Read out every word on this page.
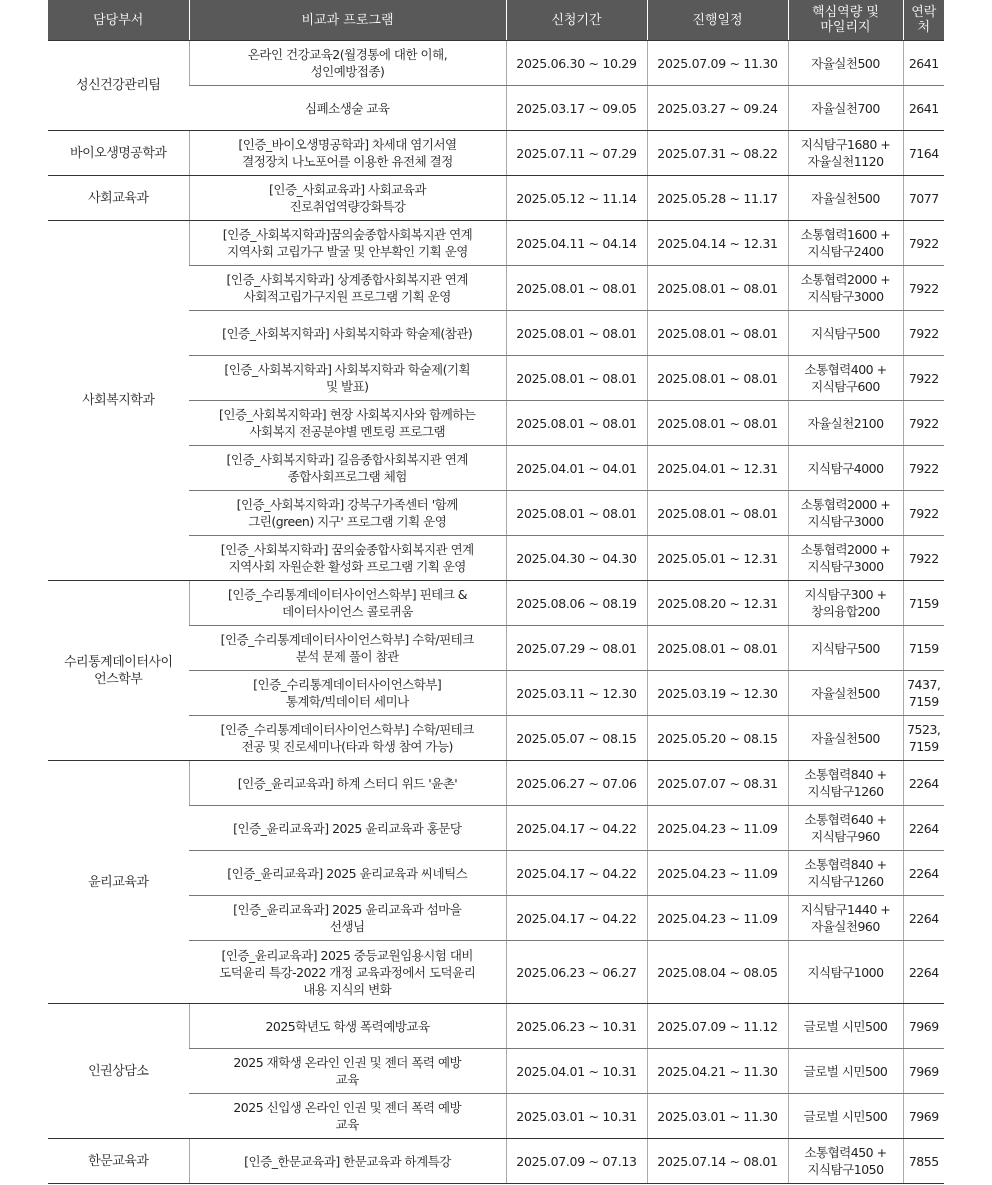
담당부서	비교과 프로그램	신청기간	진행일정	핵심역량 및
마일리지	연락처
성신건강관리팀	온라인 건강교육2(월경통에 대한 이해,
성인예방접종)	2025.06.30 ~ 10.29	2025.07.09 ~ 11.30	자율실천500	2641
	심폐소생술 교육	2025.03.17 ~ 09.05	2025.03.27 ~ 09.24	자율실천700	2641
바이오생명공학과	[인증_바이오생명공학과] 차세대 염기서열
결정장치 나노포어를 이용한 유전체 결정	2025.07.11 ~ 07.29	2025.07.31 ~ 08.22	지식탐구1680 +
자율실천1120	7164
사회교육과	[인증_사회교육과] 사회교육과
진로취업역량강화특강	2025.05.12 ~ 11.14	2025.05.28 ~ 11.17	자율실천500	7077
사회복지학과	[인증_사회복지학과]꿈의숲종합사회복지관 연계
지역사회 고립가구 발굴 및 안부확인 기획 운영	2025.04.11 ~ 04.14	2025.04.14 ~ 12.31	소통협력1600 +
지식탐구2400	7922
	[인증_사회복지학과] 상계종합사회복지관 연계
사회적고립가구지원 프로그램 기획 운영	2025.08.01 ~ 08.01	2025.08.01 ~ 08.01	소통협력2000 +
지식탐구3000	7922
	[인증_사회복지학과] 사회복지학과 학술제(참관)	2025.08.01 ~ 08.01	2025.08.01 ~ 08.01	지식탐구500	7922
	[인증_사회복지학과] 사회복지학과 학술제(기획
및 발표)	2025.08.01 ~ 08.01	2025.08.01 ~ 08.01	소통협력400 +
지식탐구600	7922
	[인증_사회복지학과] 현장 사회복지사와 함께하는
사회복지 전공분야별 멘토링 프로그램	2025.08.01 ~ 08.01	2025.08.01 ~ 08.01	자율실천2100	7922
	[인증_사회복지학과] 길음종합사회복지관 연계
종합사회프로그램 체험	2025.04.01 ~ 04.01	2025.04.01 ~ 12.31	지식탐구4000	7922
	[인증_사회복지학과] 강북구가족센터 '함께
그린(green) 지구' 프로그램 기획 운영	2025.08.01 ~ 08.01	2025.08.01 ~ 08.01	소통협력2000 +
지식탐구3000	7922
	[인증_사회복지학과] 꿈의숲종합사회복지관 연계
지역사회 자원순환 활성화 프로그램 기획 운영	2025.04.30 ~ 04.30	2025.05.01 ~ 12.31	소통협력2000 +
지식탐구3000	7922
수리통계데이터사이
언스학부	[인증_수리통계데이터사이언스학부] 핀테크 &
데이터사이언스 콜로퀴움	2025.08.06 ~ 08.19	2025.08.20 ~ 12.31	지식탐구300 +
창의융합200	7159
	[인증_수리통계데이터사이언스학부] 수학/핀테크
분석 문제 풀이 참관	2025.07.29 ~ 08.01	2025.08.01 ~ 08.01	지식탐구500	7159
	[인증_수리통계데이터사이언스학부]
통계학/빅데이터 세미나	2025.03.11 ~ 12.30	2025.03.19 ~ 12.30	자율실천500	7437,
7159
	[인증_수리통계데이터사이언스학부] 수학/핀테크
전공 및 진로세미나(타과 학생 참여 가능)	2025.05.07 ~ 08.15	2025.05.20 ~ 08.15	자율실천500	7523,
7159
윤리교육과	[인증_윤리교육과] 하계 스터디 위드 '윤촌'	2025.06.27 ~ 07.06	2025.07.07 ~ 08.31	소통협력840 +
지식탐구1260	2264
	[인증_윤리교육과] 2025 윤리교육과 홍문당	2025.04.17 ~ 04.22	2025.04.23 ~ 11.09	소통협력640 +
지식탐구960	2264
	[인증_윤리교육과] 2025 윤리교육과 씨네틱스	2025.04.17 ~ 04.22	2025.04.23 ~ 11.09	소통협력840 +
지식탐구1260	2264
	[인증_윤리교육과] 2025 윤리교육과 섬마을
선생님	2025.04.17 ~ 04.22	2025.04.23 ~ 11.09	지식탐구1440 +
자율실천960	2264
	[인증_윤리교육과] 2025 중등교원임용시험 대비
도덕윤리 특강-2022 개정 교육과정에서 도덕윤리
내용 지식의 변화	2025.06.23 ~ 06.27	2025.08.04 ~ 08.05	지식탐구1000	2264
인권상담소	2025학년도 학생 폭력예방교육	2025.06.23 ~ 10.31	2025.07.09 ~ 11.12	글로벌 시민500	7969
	2025 재학생 온라인 인권 및 젠더 폭력 예방
교육	2025.04.01 ~ 10.31	2025.04.21 ~ 11.30	글로벌 시민500	7969
	2025 신입생 온라인 인권 및 젠더 폭력 예방
교육	2025.03.01 ~ 10.31	2025.03.01 ~ 11.30	글로벌 시민500	7969
한문교육과	[인증_한문교육과] 한문교육과 하계특강	2025.07.09 ~ 07.13	2025.07.14 ~ 08.01	소통협력450 +
지식탐구1050	7855
